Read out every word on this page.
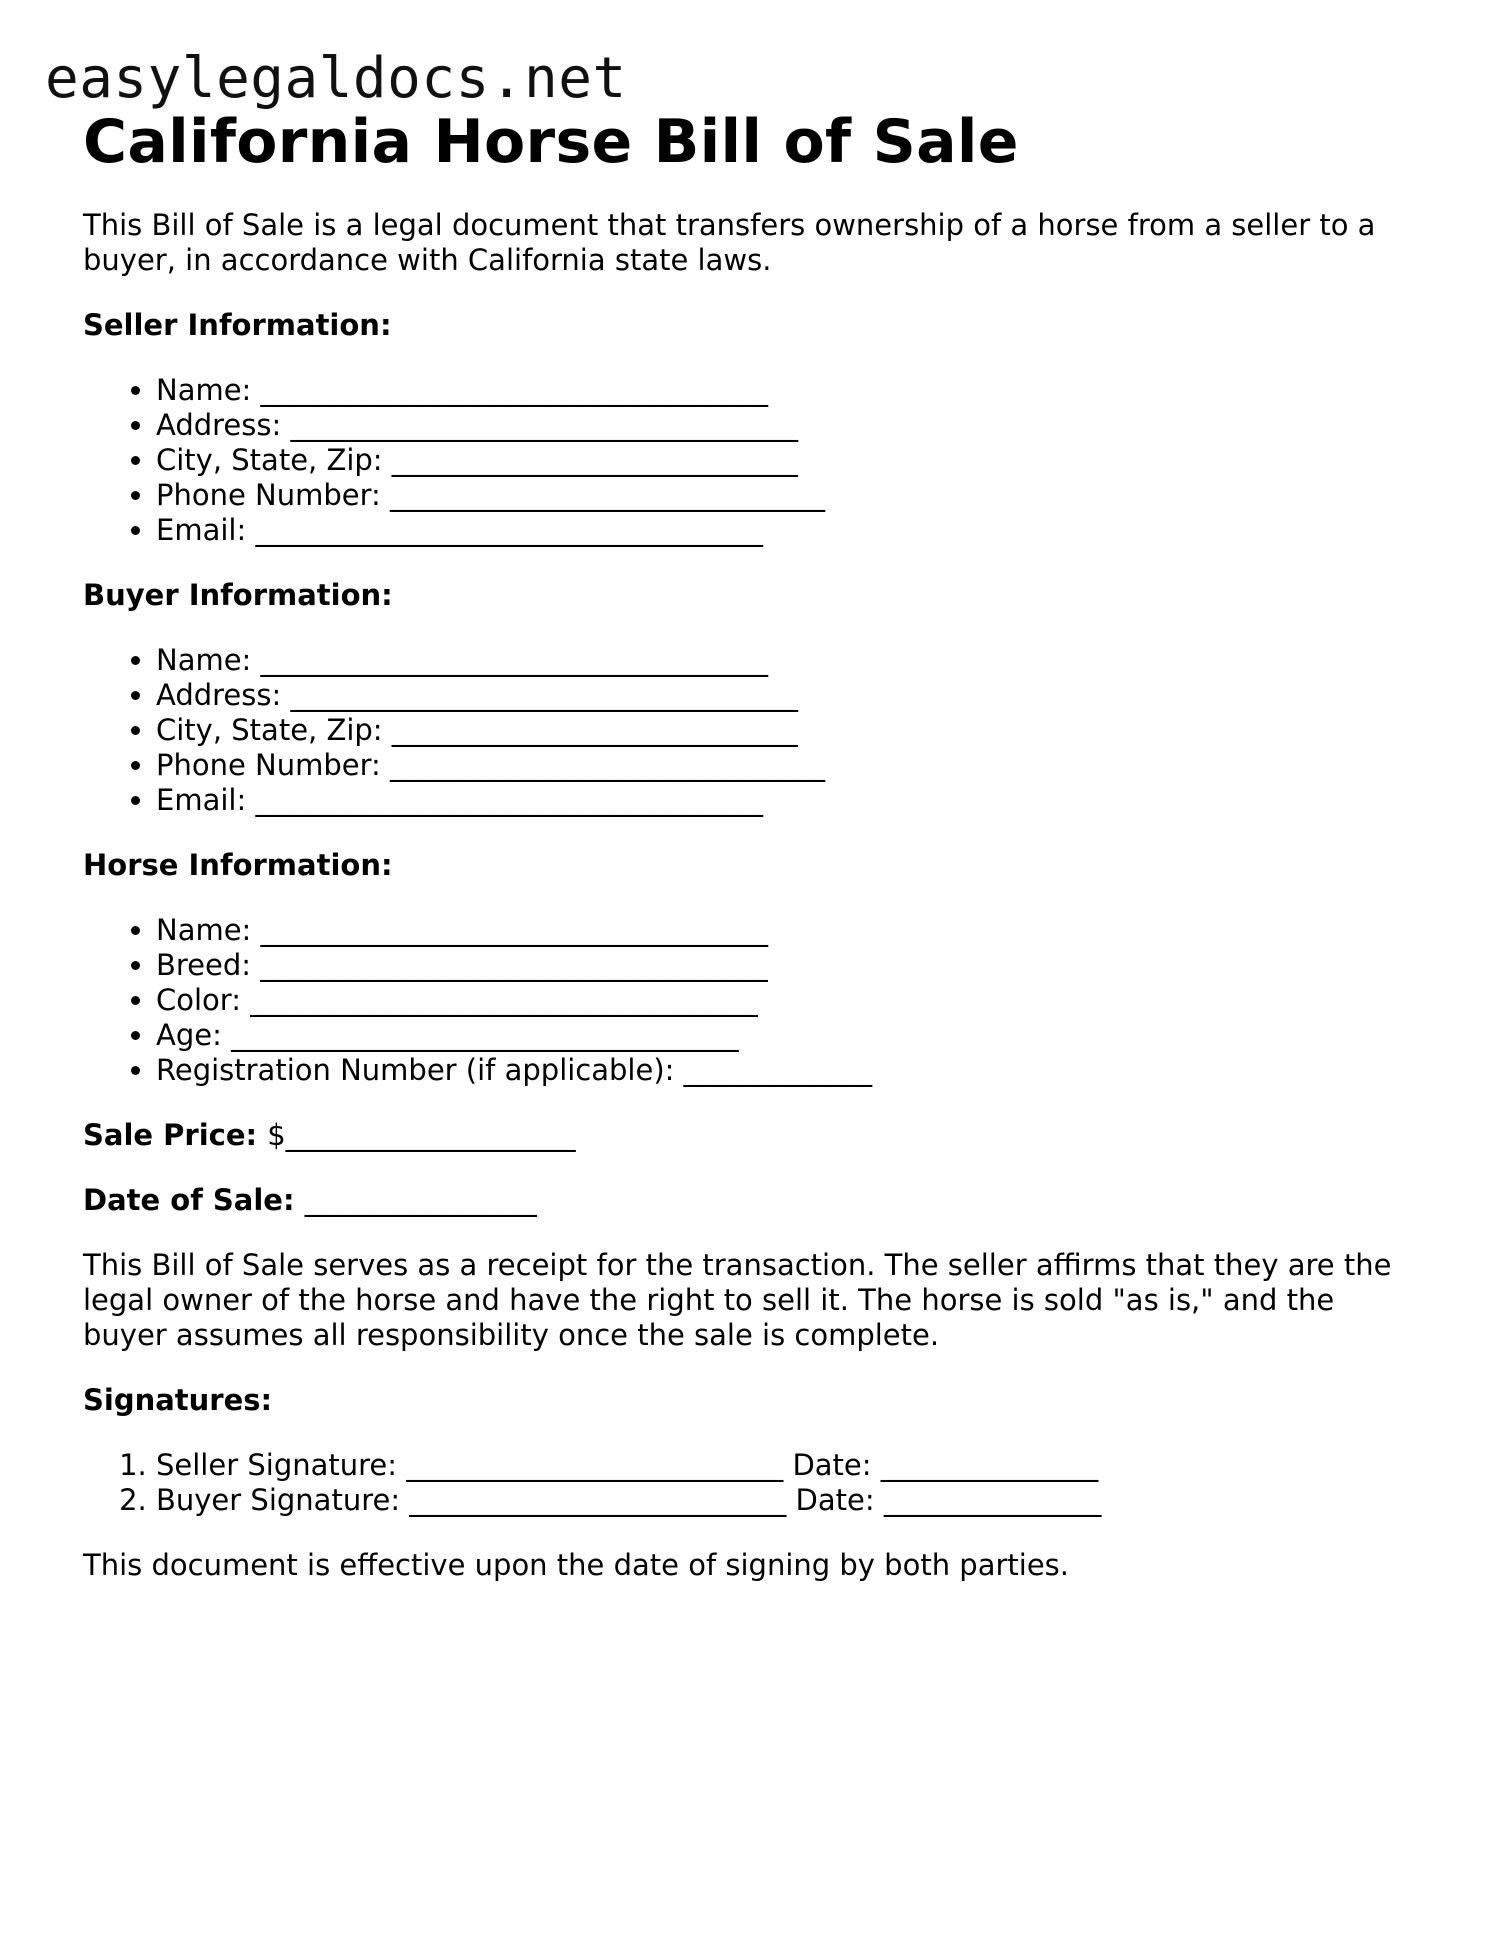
easylegaldocs.net
California Horse Bill of Sale

This Bill of Sale is a legal document that transfers ownership of a horse from a seller to a buyer, in accordance with California state laws.

Seller Information:
• Name: ___________________________________
• Address: ___________________________________
• City, State, Zip: ____________________________
• Phone Number: ______________________________
• Email: ___________________________________
Buyer Information:
• Name: ___________________________________
• Address: ___________________________________
• City, State, Zip: ____________________________
• Phone Number: ______________________________
• Email: ___________________________________
Horse Information:
• Name: ___________________________________
• Breed: ___________________________________
• Color: ___________________________________
• Age: ___________________________________
• Registration Number (if applicable): _____________
Sale Price: $____________________
Date of Sale: ________________

This Bill of Sale serves as a receipt for the transaction. The seller affirms that they are the legal owner of the horse and have the right to sell it. The horse is sold "as is," and the buyer assumes all responsibility once the sale is complete.

Signatures:
1. Seller Signature: __________________________ Date: _______________
2. Buyer Signature: __________________________ Date: _______________

This document is effective upon the date of signing by both parties.
